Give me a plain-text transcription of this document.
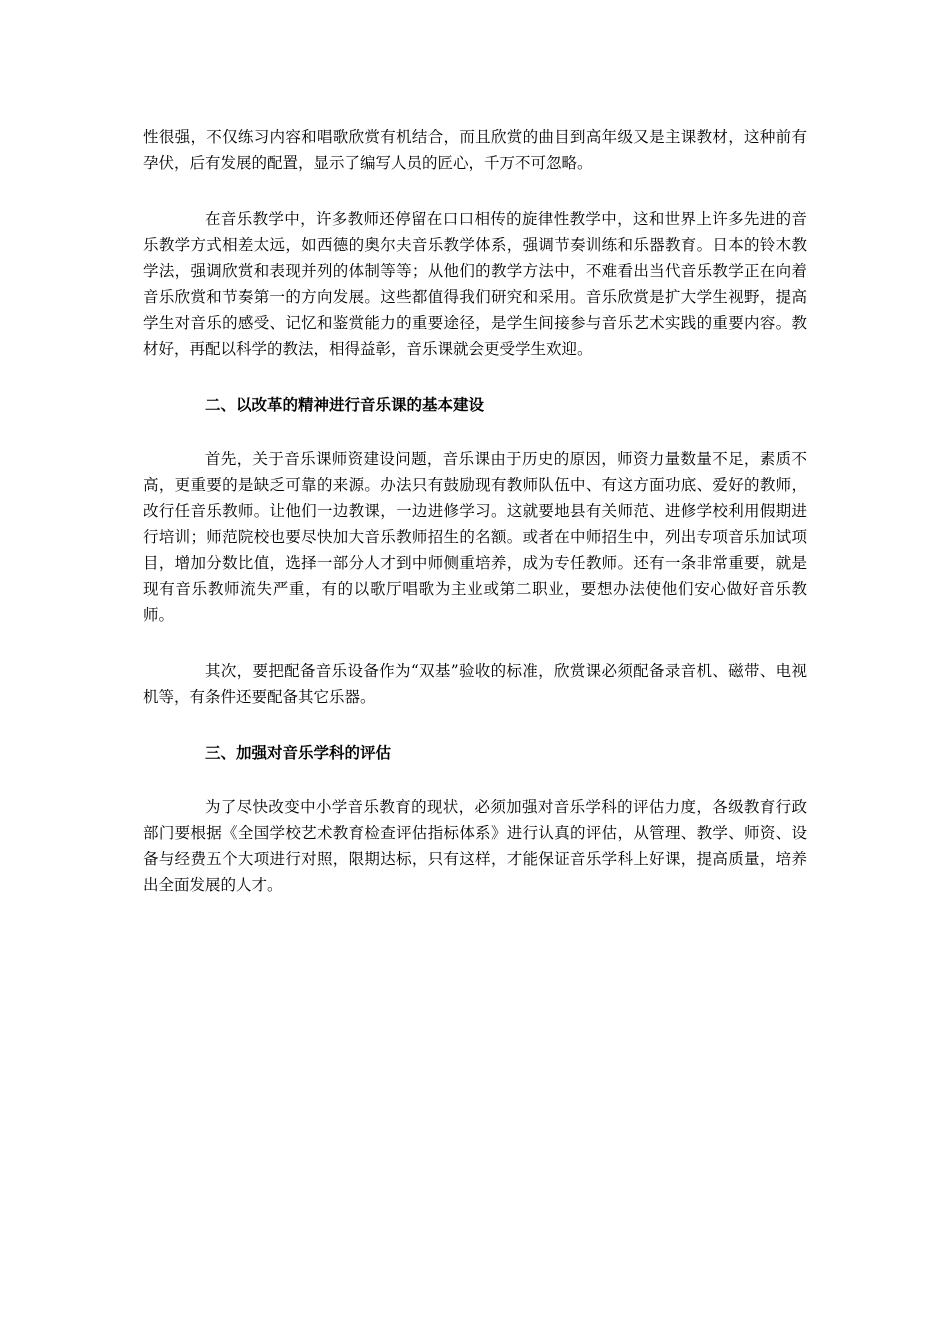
性很强，不仅练习内容和唱歌欣赏有机结合，而且欣赏的曲目到高年级又是主课教材，这种前有孕伏，后有发展的配置，显示了编写人员的匠心，千万不可忽略。

在音乐教学中，许多教师还停留在口口相传的旋律性教学中，这和世界上许多先进的音乐教学方式相差太远，如西德的奥尔夫音乐教学体系，强调节奏训练和乐器教育。日本的铃木教学法，强调欣赏和表现并列的体制等等；从他们的教学方法中，不难看出当代音乐教学正在向着音乐欣赏和节奏第一的方向发展。这些都值得我们研究和采用。音乐欣赏是扩大学生视野，提高学生对音乐的感受、记忆和鉴赏能力的重要途径，是学生间接参与音乐艺术实践的重要内容。教材好，再配以科学的教法，相得益彰，音乐课就会更受学生欢迎。

二、以改革的精神进行音乐课的基本建设

首先，关于音乐课师资建设问题，音乐课由于历史的原因，师资力量数量不足，素质不高，更重要的是缺乏可靠的来源。办法只有鼓励现有教师队伍中、有这方面功底、爱好的教师，改行任音乐教师。让他们一边教课，一边进修学习。这就要地县有关师范、进修学校利用假期进行培训；师范院校也要尽快加大音乐教师招生的名额。或者在中师招生中，列出专项音乐加试项目，增加分数比值，选择一部分人才到中师侧重培养，成为专任教师。还有一条非常重要，就是现有音乐教师流失严重，有的以歌厅唱歌为主业或第二职业，要想办法使他们安心做好音乐教师。

其次，要把配备音乐设备作为“双基”验收的标准，欣赏课必须配备录音机、磁带、电视机等，有条件还要配备其它乐器。

三、加强对音乐学科的评估

为了尽快改变中小学音乐教育的现状，必须加强对音乐学科的评估力度，各级教育行政部门要根据《全国学校艺术教育检查评估指标体系》进行认真的评估，从管理、教学、师资、设备与经费五个大项进行对照，限期达标，只有这样，才能保证音乐学科上好课，提高质量，培养出全面发展的人才。
